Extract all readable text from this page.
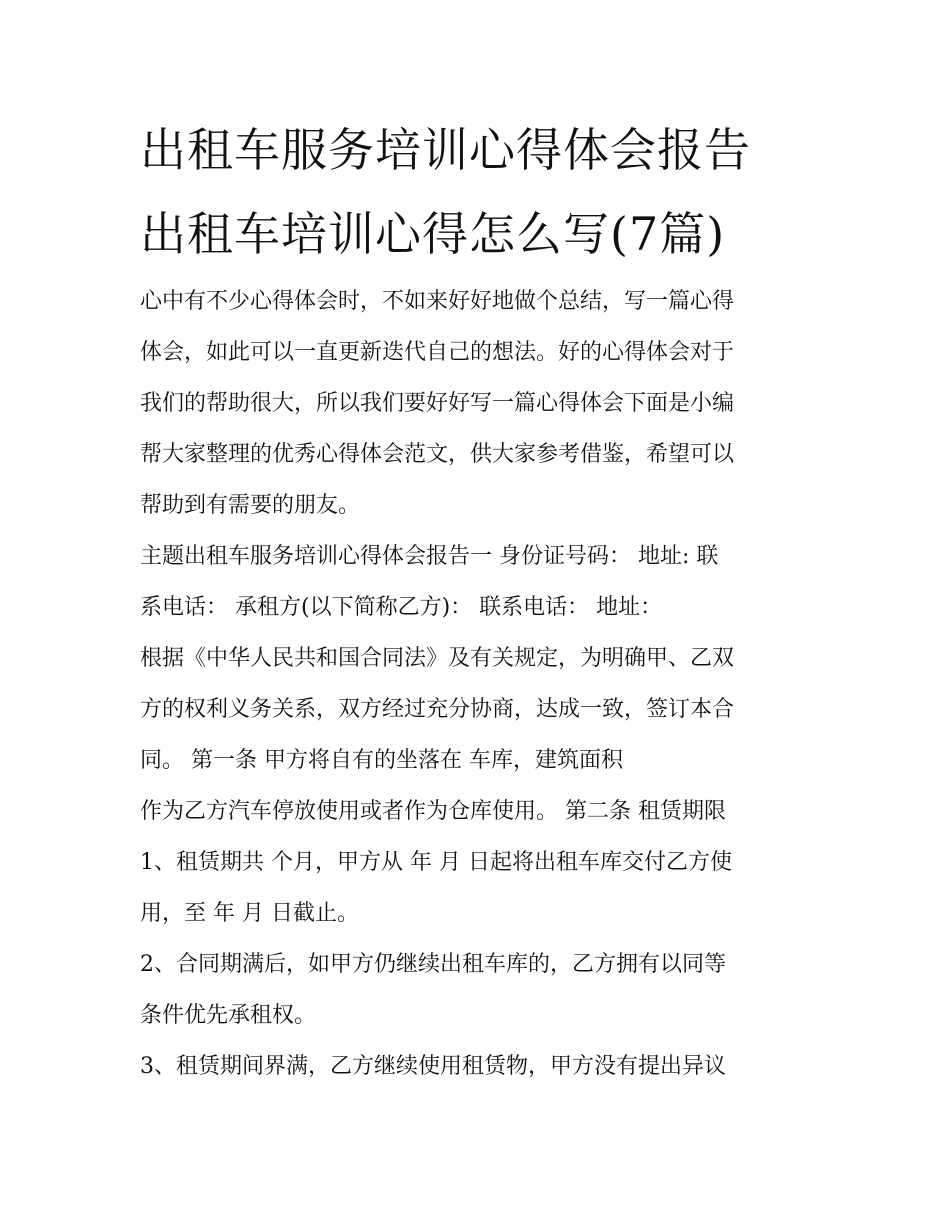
出租车服务培训心得体会报告
出租车培训心得怎么写(7篇)

心中有不少心得体会时，不如来好好地做个总结，写一篇心得

体会，如此可以一直更新迭代自己的想法。好的心得体会对于

我们的帮助很大，所以我们要好好写一篇心得体会下面是小编

帮大家整理的优秀心得体会范文，供大家参考借鉴，希望可以

帮助到有需要的朋友。

主题出租车服务培训心得体会报告一 身份证号码： 地址: 联

系电话： 承租方(以下简称乙方)： 联系电话： 地址：

根据《中华人民共和国合同法》及有关规定，为明确甲、乙双

方的权利义务关系，双方经过充分协商，达成一致，签订本合

同。 第一条 甲方将自有的坐落在 车库，建筑面积

作为乙方汽车停放使用或者作为仓库使用。 第二条 租赁期限

1、租赁期共 个月，甲方从 年 月 日起将出租车库交付乙方使

用，至 年 月 日截止。

2、合同期满后，如甲方仍继续出租车库的，乙方拥有以同等

条件优先承租权。

3、租赁期间界满，乙方继续使用租赁物，甲方没有提出异议
